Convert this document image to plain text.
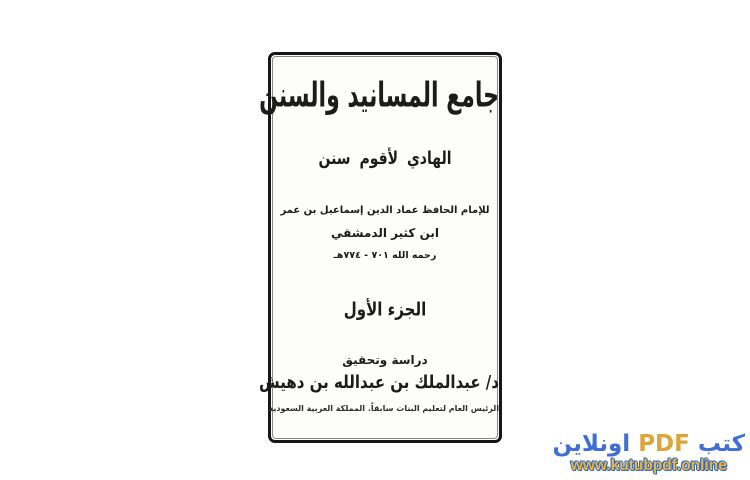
جامع المسانيد والسنن
الهادي لأقوم سنن
للإمام الحافظ عماد الدين إسماعيل بن عمر
ابن كثير الدمشقي
رحمه الله ٧٠١ - ٧٧٤هـ
الجزء الأول
دراسة وتحقيق
د/ عبدالملك بن عبدالله بن دهيش
الرئيس العام لتعليم البنات سابقاً. المملكة العربية السعودية
كتب PDF اونلاين
www.kutubpdf.online
